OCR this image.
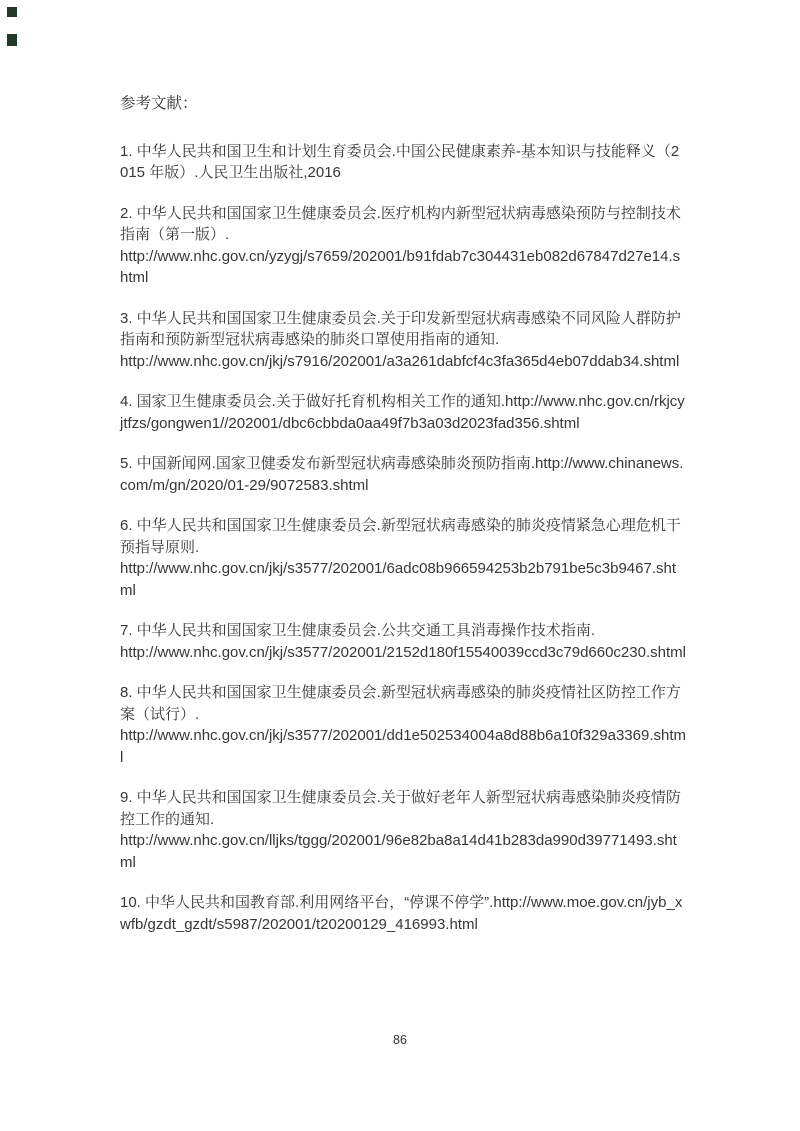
参考文献：

1. 中华人民共和国卫生和计划生育委员会.中国公民健康素养-基本知识与技能释义（2015 年版）.人民卫生出版社,2016

2. 中华人民共和国国家卫生健康委员会.医疗机构内新型冠状病毒感染预防与控制技术指南（第一版）.
http://www.nhc.gov.cn/yzygj/s7659/202001/b91fdab7c304431eb082d67847d27e14.shtml

3. 中华人民共和国国家卫生健康委员会.关于印发新型冠状病毒感染不同风险人群防护指南和预防新型冠状病毒感染的肺炎口罩使用指南的通知.
http://www.nhc.gov.cn/jkj/s7916/202001/a3a261dabfcf4c3fa365d4eb07ddab34.shtml

4. 国家卫生健康委员会.关于做好托育机构相关工作的通知.http://www.nhc.gov.cn/rkjcyjtfzs/gongwen1//202001/dbc6cbbda0aa49f7b3a03d2023fad356.shtml

5. 中国新闻网.国家卫健委发布新型冠状病毒感染肺炎预防指南.http://www.chinanews.com/m/gn/2020/01-29/9072583.shtml

6. 中华人民共和国国家卫生健康委员会.新型冠状病毒感染的肺炎疫情紧急心理危机干预指导原则.
http://www.nhc.gov.cn/jkj/s3577/202001/6adc08b966594253b2b791be5c3b9467.shtml

7. 中华人民共和国国家卫生健康委员会.公共交通工具消毒操作技术指南.
http://www.nhc.gov.cn/jkj/s3577/202001/2152d180f15540039ccd3c79d660c230.shtml

8. 中华人民共和国国家卫生健康委员会.新型冠状病毒感染的肺炎疫情社区防控工作方案（试行）.
http://www.nhc.gov.cn/jkj/s3577/202001/dd1e502534004a8d88b6a10f329a3369.shtml

9. 中华人民共和国国家卫生健康委员会.关于做好老年人新型冠状病毒感染肺炎疫情防控工作的通知.
http://www.nhc.gov.cn/lljks/tggg/202001/96e82ba8a14d41b283da990d39771493.shtml

10. 中华人民共和国教育部.利用网络平台，“停课不停学”.http://www.moe.gov.cn/jyb_xwfb/gzdt_gzdt/s5987/202001/t20200129_416993.html

86
